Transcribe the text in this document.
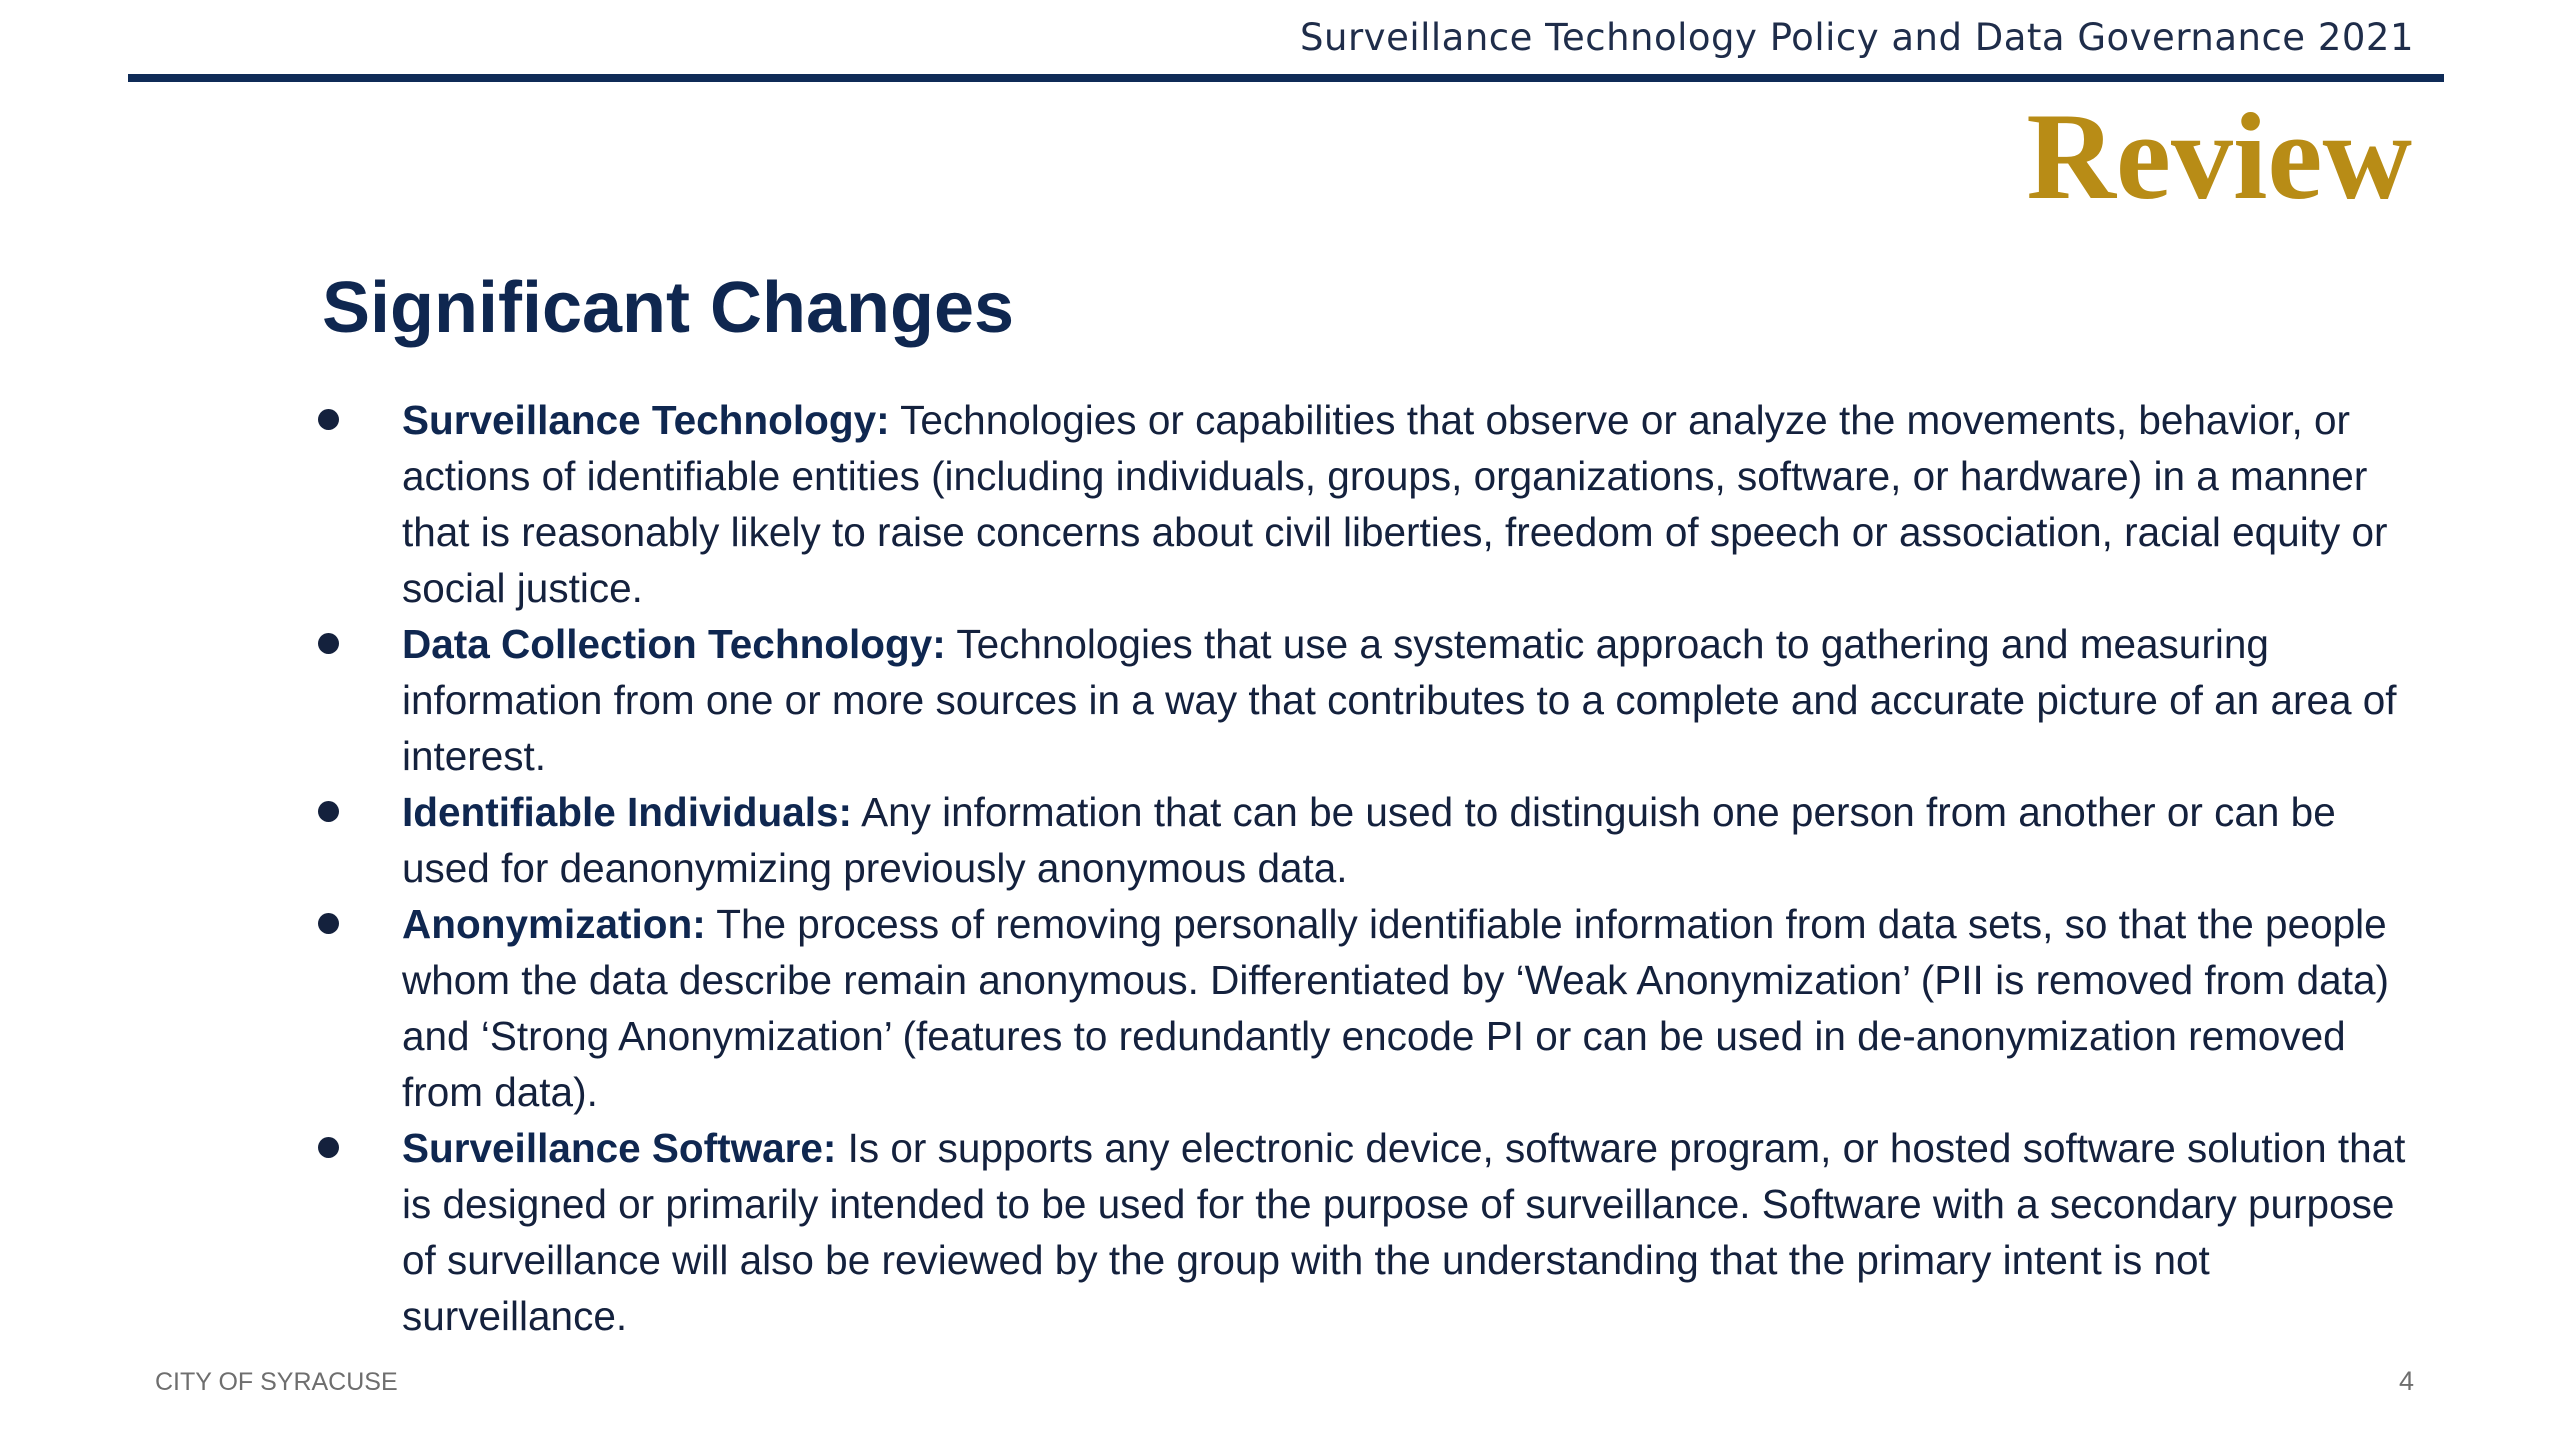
Surveillance Technology Policy and Data Governance 2021
Review
Significant Changes
Surveillance Technology: Technologies or capabilities that observe or analyze the movements, behavior, or actions of identifiable entities (including individuals, groups, organizations, software, or hardware) in a manner that is reasonably likely to raise concerns about civil liberties, freedom of speech or association, racial equity or social justice.
Data Collection Technology: Technologies that use a systematic approach to gathering and measuring information from one or more sources in a way that contributes to a complete and accurate picture of an area of interest.
Identifiable Individuals: Any information that can be used to distinguish one person from another or can be used for deanonymizing previously anonymous data.
Anonymization: The process of removing personally identifiable information from data sets, so that the people whom the data describe remain anonymous. Differentiated by ‘Weak Anonymization’ (PII is removed from data) and ‘Strong Anonymization’ (features to redundantly encode PI or can be used in de-anonymization removed from data).
Surveillance Software: Is or supports any electronic device, software program, or hosted software solution that is designed or primarily intended to be used for the purpose of surveillance. Software with a secondary purpose of surveillance will also be reviewed by the group with the understanding that the primary intent is not surveillance.
CITY OF SYRACUSE	4
